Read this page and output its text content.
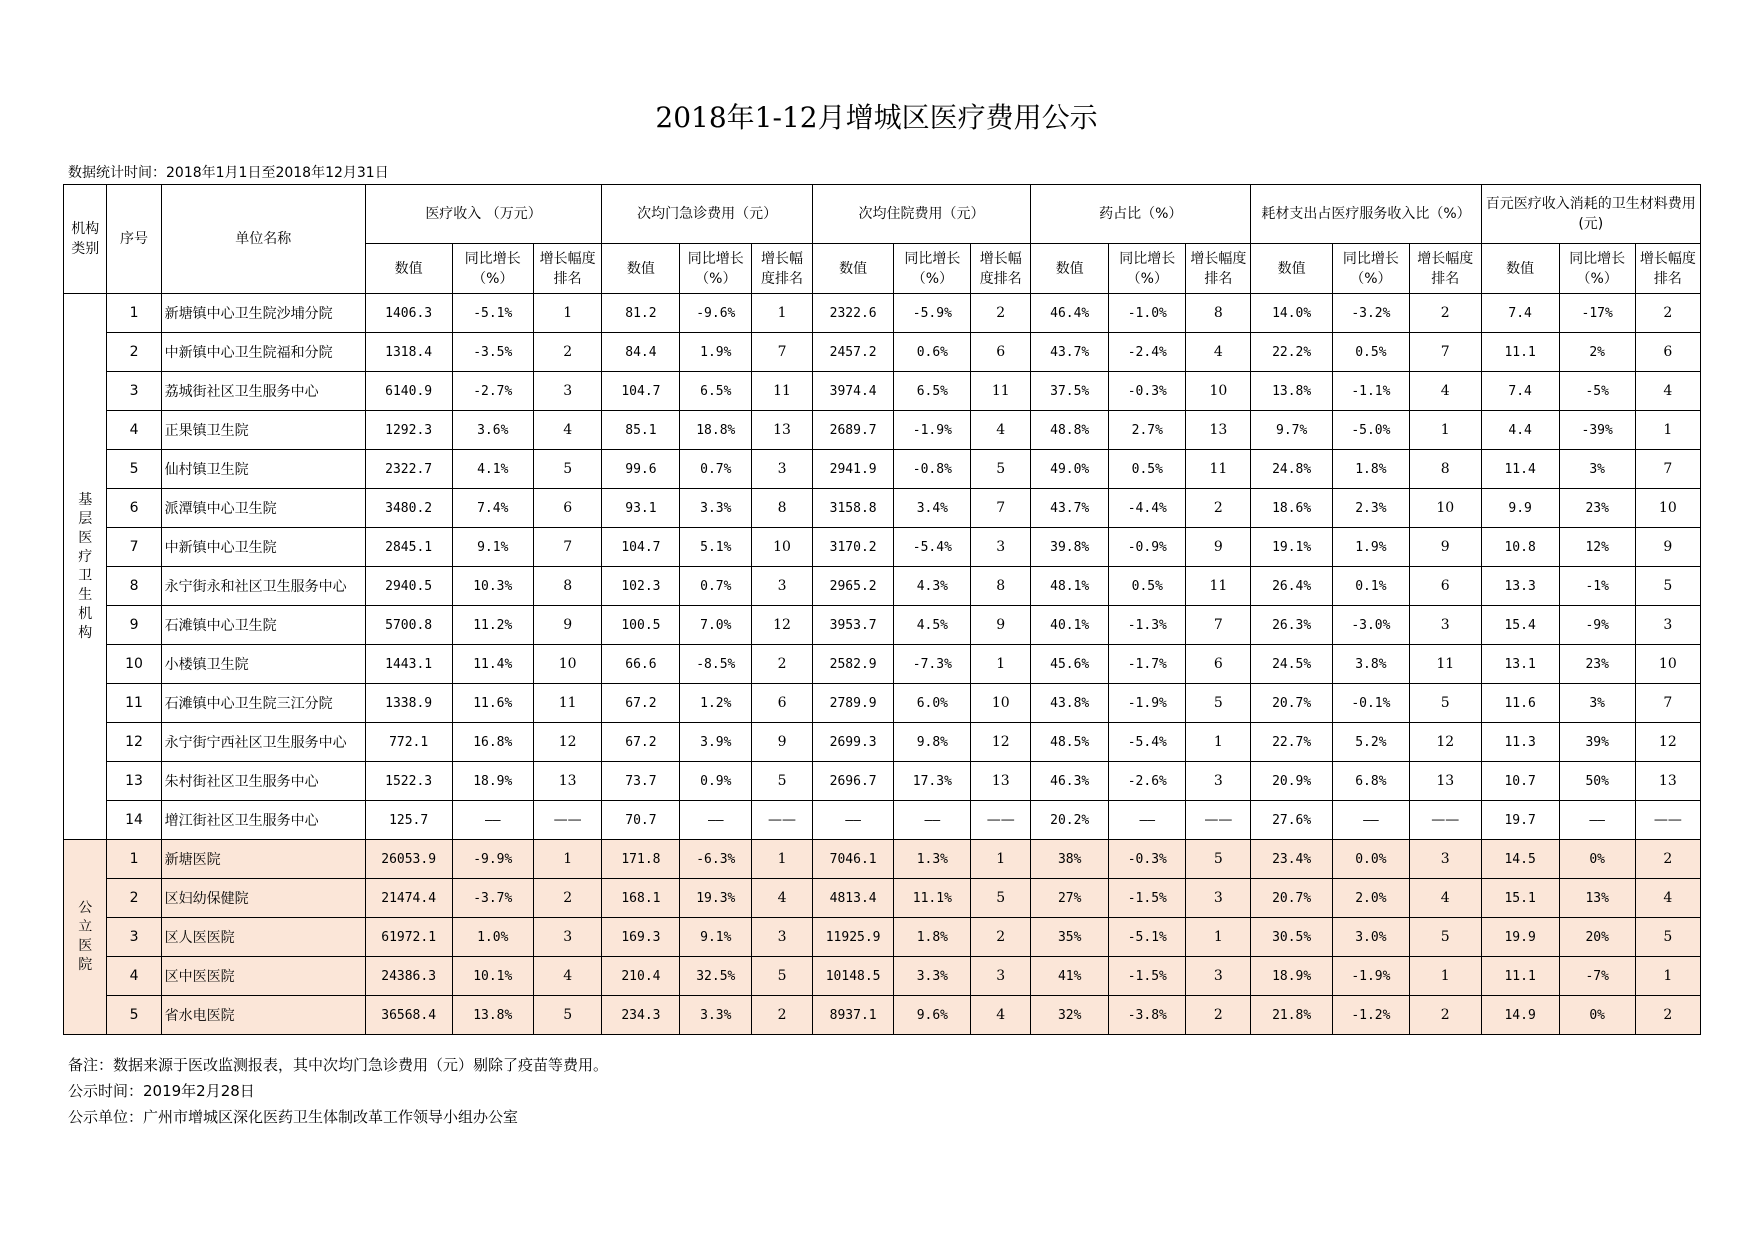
2018年1-12月增城区医疗费用公示
数据统计时间：2018年1月1日至2018年12月31日
机构类别	序号	单位名称	医疗收入 （万元）			次均门急诊费用（元）			次均住院费用（元）			药占比（%）			耗材支出占医疗服务收入比（%）			百元医疗收入消耗的卫生材料费用(元)		
			数值	同比增长（%）	增长幅度排名	数值	同比增长（%）	增长幅度排名	数值	同比增长（%）	增长幅度排名	数值	同比增长（%）	增长幅度排名	数值	同比增长（%）	增长幅度排名	数值	同比增长（%）	增长幅度排名
基层医疗卫生机构	1	新塘镇中心卫生院沙埔分院	1406.3	-5.1%	1	81.2	-9.6%	1	2322.6	-5.9%	2	46.4%	-1.0%	8	14.0%	-3.2%	2	7.4	-17%	2
	2	中新镇中心卫生院福和分院	1318.4	-3.5%	2	84.4	1.9%	7	2457.2	0.6%	6	43.7%	-2.4%	4	22.2%	0.5%	7	11.1	2%	6
	3	荔城街社区卫生服务中心	6140.9	-2.7%	3	104.7	6.5%	11	3974.4	6.5%	11	37.5%	-0.3%	10	13.8%	-1.1%	4	7.4	-5%	4
	4	正果镇卫生院	1292.3	3.6%	4	85.1	18.8%	13	2689.7	-1.9%	4	48.8%	2.7%	13	9.7%	-5.0%	1	4.4	-39%	1
	5	仙村镇卫生院	2322.7	4.1%	5	99.6	0.7%	3	2941.9	-0.8%	5	49.0%	0.5%	11	24.8%	1.8%	8	11.4	3%	7
	6	派潭镇中心卫生院	3480.2	7.4%	6	93.1	3.3%	8	3158.8	3.4%	7	43.7%	-4.4%	2	18.6%	2.3%	10	9.9	23%	10
	7	中新镇中心卫生院	2845.1	9.1%	7	104.7	5.1%	10	3170.2	-5.4%	3	39.8%	-0.9%	9	19.1%	1.9%	9	10.8	12%	9
	8	永宁街永和社区卫生服务中心	2940.5	10.3%	8	102.3	0.7%	3	2965.2	4.3%	8	48.1%	0.5%	11	26.4%	0.1%	6	13.3	-1%	5
	9	石滩镇中心卫生院	5700.8	11.2%	9	100.5	7.0%	12	3953.7	4.5%	9	40.1%	-1.3%	7	26.3%	-3.0%	3	15.4	-9%	3
	10	小楼镇卫生院	1443.1	11.4%	10	66.6	-8.5%	2	2582.9	-7.3%	1	45.6%	-1.7%	6	24.5%	3.8%	11	13.1	23%	10
	11	石滩镇中心卫生院三江分院	1338.9	11.6%	11	67.2	1.2%	6	2789.9	6.0%	10	43.8%	-1.9%	5	20.7%	-0.1%	5	11.6	3%	7
	12	永宁街宁西社区卫生服务中心	772.1	16.8%	12	67.2	3.9%	9	2699.3	9.8%	12	48.5%	-5.4%	1	22.7%	5.2%	12	11.3	39%	12
	13	朱村街社区卫生服务中心	1522.3	18.9%	13	73.7	0.9%	5	2696.7	17.3%	13	46.3%	-2.6%	3	20.9%	6.8%	13	10.7	50%	13
	14	增江街社区卫生服务中心	125.7	——	——	70.7	——	——	——	——	——	20.2%	——	——	27.6%	——	——	19.7	——	——
公立医院	1	新塘医院	26053.9	-9.9%	1	171.8	-6.3%	1	7046.1	1.3%	1	38%	-0.3%	5	23.4%	0.0%	3	14.5	0%	2
	2	区妇幼保健院	21474.4	-3.7%	2	168.1	19.3%	4	4813.4	11.1%	5	27%	-1.5%	3	20.7%	2.0%	4	15.1	13%	4
	3	区人医医院	61972.1	1.0%	3	169.3	9.1%	3	11925.9	1.8%	2	35%	-5.1%	1	30.5%	3.0%	5	19.9	20%	5
	4	区中医医院	24386.3	10.1%	4	210.4	32.5%	5	10148.5	3.3%	3	41%	-1.5%	3	18.9%	-1.9%	1	11.1	-7%	1
	5	省水电医院	36568.4	13.8%	5	234.3	3.3%	2	8937.1	9.6%	4	32%	-3.8%	2	21.8%	-1.2%	2	14.9	0%	2
备注：数据来源于医改监测报表，其中次均门急诊费用（元）剔除了疫苗等费用。
公示时间：2019年2月28日
公示单位：广州市增城区深化医药卫生体制改革工作领导小组办公室
